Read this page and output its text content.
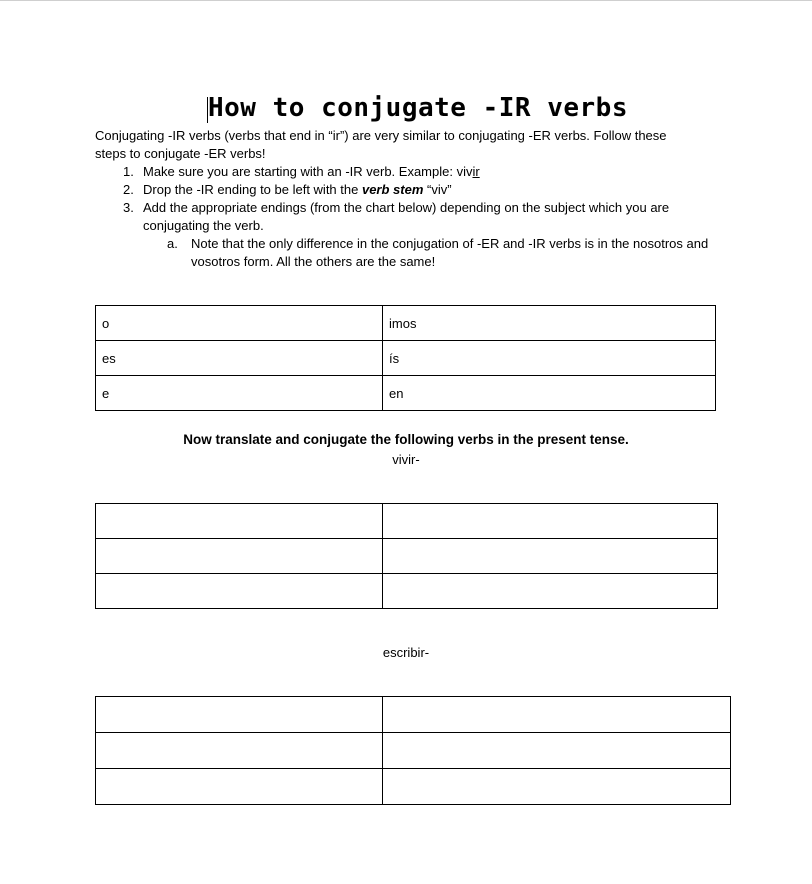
How to conjugate -IR verbs
Conjugating -IR verbs (verbs that end in “ir”) are very similar to conjugating -ER verbs. Follow these steps to conjugate -ER verbs!
1. Make sure you are starting with an -IR verb. Example: vivir
2. Drop the -IR ending to be left with the verb stem “viv”
3. Add the appropriate endings (from the chart below) depending on the subject which you are conjugating the verb.
a.	Note that the only difference in the conjugation of -ER and -IR verbs is in the nosotros and vosotros form. All the others are the same!
o	imos
es	ís
e	en
Now translate and conjugate the following verbs in the present tense.
vivir-

escribir-
